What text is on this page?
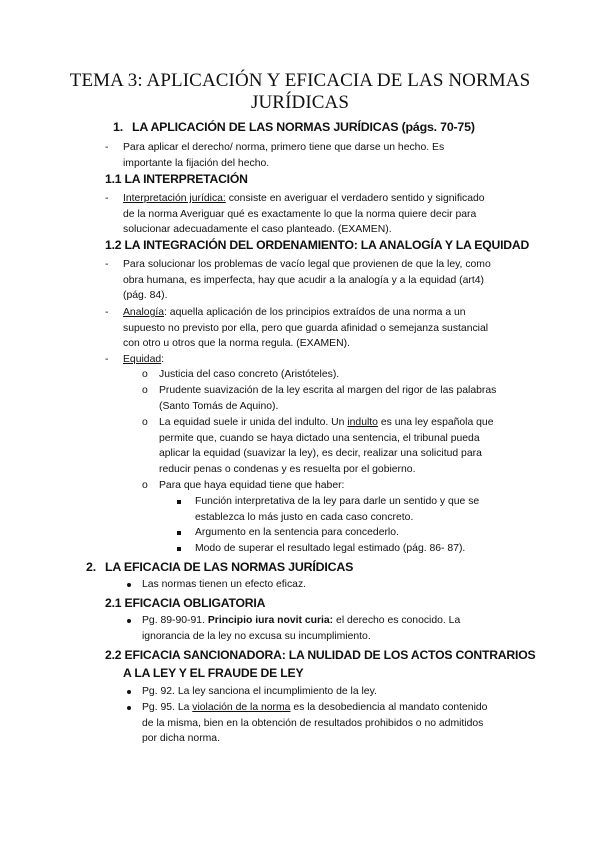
TEMA 3: APLICACIÓN Y EFICACIA DE LAS NORMAS
JURÍDICAS
1. LA APLICACIÓN DE LAS NORMAS JURÍDICAS (págs. 70-75)
- Para aplicar el derecho/ norma, primero tiene que darse un hecho. Es
importante la fijación del hecho.
1.1 LA INTERPRETACIÓN
- Interpretación jurídica: consiste en averiguar el verdadero sentido y significado
de la norma Averiguar qué es exactamente lo que la norma quiere decir para
solucionar adecuadamente el caso planteado. (EXAMEN).
1.2 LA INTEGRACIÓN DEL ORDENAMIENTO: LA ANALOGÍA Y LA EQUIDAD
- Para solucionar los problemas de vacío legal que provienen de que la ley, como
obra humana, es imperfecta, hay que acudir a la analogía y a la equidad (art4)
(pág. 84).
- Analogía: aquella aplicación de los principios extraídos de una norma a un
supuesto no previsto por ella, pero que guarda afinidad o semejanza sustancial
con otro u otros que la norma regula. (EXAMEN).
- Equidad:
o Justicia del caso concreto (Aristóteles).
o Prudente suavización de la ley escrita al margen del rigor de las palabras
(Santo Tomás de Aquino).
o La equidad suele ir unida del indulto. Un indulto es una ley española que
permite que, cuando se haya dictado una sentencia, el tribunal pueda
aplicar la equidad (suavizar la ley), es decir, realizar una solicitud para
reducir penas o condenas y es resuelta por el gobierno.
o Para que haya equidad tiene que haber:
Función interpretativa de la ley para darle un sentido y que se
establezca lo más justo en cada caso concreto.
Argumento en la sentencia para concederlo.
Modo de superar el resultado legal estimado (pág. 86- 87).
2. LA EFICACIA DE LAS NORMAS JURÍDICAS
Las normas tienen un efecto eficaz.
2.1 EFICACIA OBLIGATORIA
Pg. 89-90-91. Principio iura novit curia: el derecho es conocido. La
ignorancia de la ley no excusa su incumplimiento.
2.2 EFICACIA SANCIONADORA: LA NULIDAD DE LOS ACTOS CONTRARIOS
A LA LEY Y EL FRAUDE DE LEY
Pg. 92. La ley sanciona el incumplimiento de la ley.
Pg. 95. La violación de la norma es la desobediencia al mandato contenido
de la misma, bien en la obtención de resultados prohibidos o no admitidos
por dicha norma.
